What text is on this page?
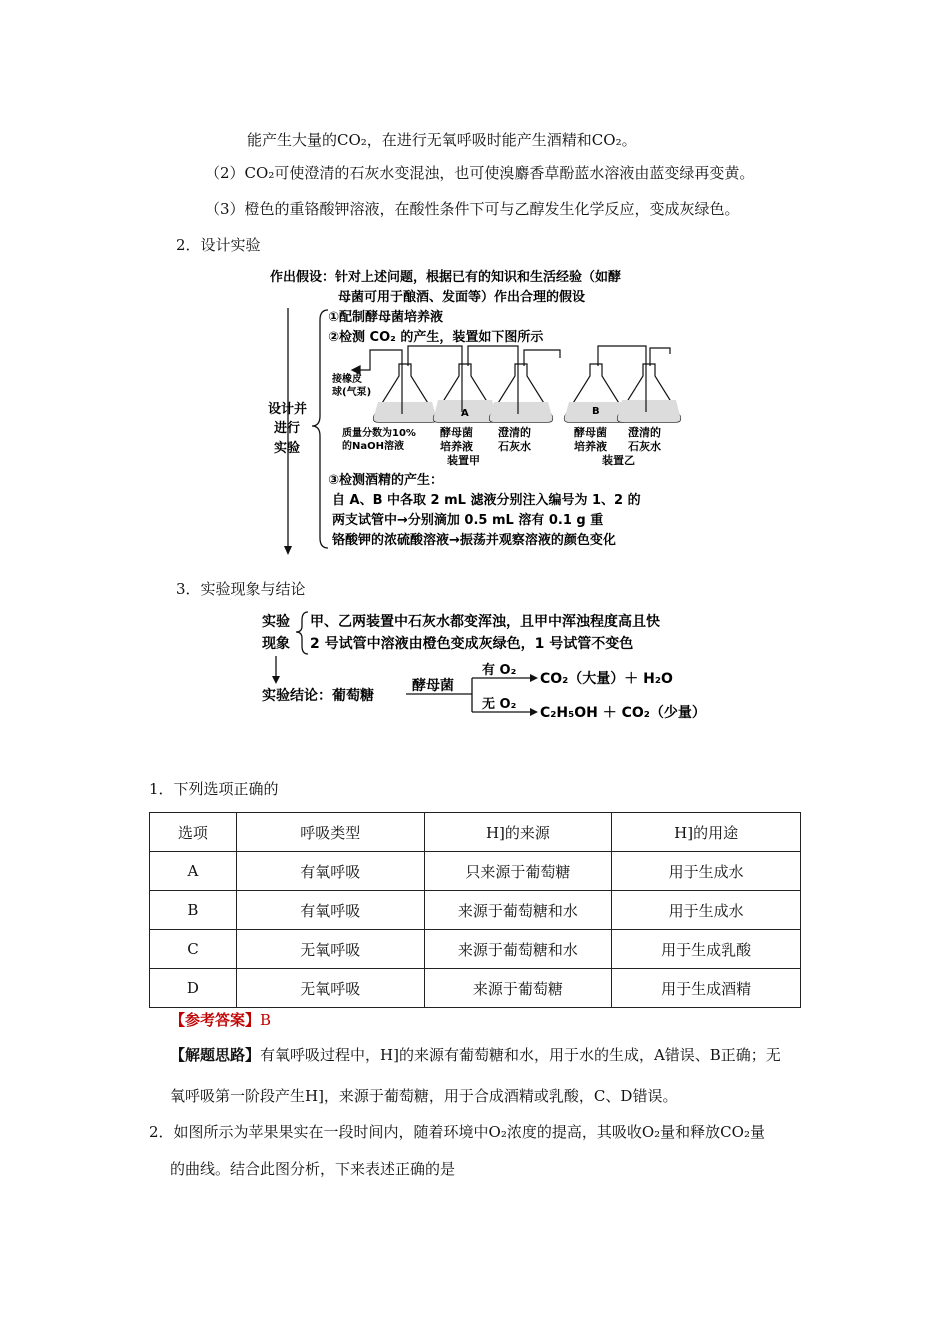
能产生大量的CO₂，在进行无氧呼吸时能产生酒精和CO₂。
（2）CO₂可使澄清的石灰水变混浊，也可使溴麝香草酚蓝水溶液由蓝变绿再变黄。
（3）橙色的重铬酸钾溶液，在酸性条件下可与乙醇发生化学反应，变成灰绿色。
2．设计实验
作出假设：针对上述问题，根据已有的知识和生活经验（如酵
母菌可用于酿酒、发面等）作出合理的假设
设计并
进行
实验
①配制酵母菌培养液
②检测 CO₂ 的产生，装置如下图所示
接橡皮
球(气泵)
A	B
质量分数为10%
的NaOH溶液
酵母菌
培养液
澄清的
石灰水
装置甲
酵母菌
培养液
澄清的
石灰水
装置乙
③检测酒精的产生：
自 A、B 中各取 2 mL 滤液分别注入编号为 1、2 的
两支试管中→分别滴加 0.5 mL 溶有 0.1 g 重
铬酸钾的浓硫酸溶液→振荡并观察溶液的颜色变化
3．实验现象与结论
实验
现象
甲、乙两装置中石灰水都变浑浊，且甲中浑浊程度高且快
2 号试管中溶液由橙色变成灰绿色，1 号试管不变色
实验结论：葡萄糖
酵母菌
有 O₂
无 O₂
CO₂（大量）＋ H₂O
C₂H₅OH ＋ CO₂（少量）
1．下列选项正确的
选项	呼吸类型	H]的来源	H]的用途
A	有氧呼吸	只来源于葡萄糖	用于生成水
B	有氧呼吸	来源于葡萄糖和水	用于生成水
C	无氧呼吸	来源于葡萄糖和水	用于生成乳酸
D	无氧呼吸	来源于葡萄糖	用于生成酒精
【参考答案】B
【解题思路】有氧呼吸过程中，H]的来源有葡萄糖和水，用于水的生成，A错误、B正确；无
氧呼吸第一阶段产生H]，来源于葡萄糖，用于合成酒精或乳酸，C、D错误。
2．如图所示为苹果果实在一段时间内，随着环境中O₂浓度的提高，其吸收O₂量和释放CO₂量
的曲线。结合此图分析，下来表述正确的是
